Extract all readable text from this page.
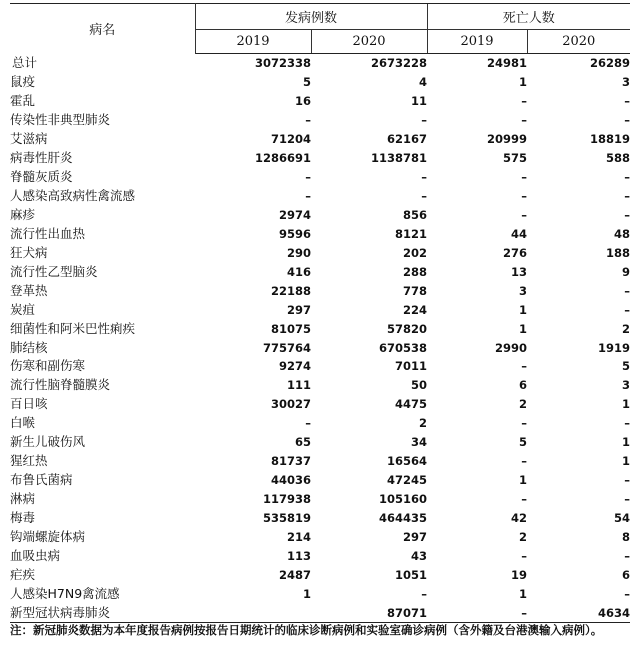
病名	发病例数		死亡人数	
	2019	2020	2019	2020
总计	3072338	2673228	24981	26289
鼠疫	5	4	1	3
霍乱	16	11	–	–
传染性非典型肺炎	–	–	–	–
艾滋病	71204	62167	20999	18819
病毒性肝炎	1286691	1138781	575	588
脊髓灰质炎	–	–	–	–
人感染高致病性禽流感	–	–	–	–
麻疹	2974	856	–	–
流行性出血热	9596	8121	44	48
狂犬病	290	202	276	188
流行性乙型脑炎	416	288	13	9
登革热	22188	778	3	–
炭疽	297	224	1	–
细菌性和阿米巴性痢疾	81075	57820	1	2
肺结核	775764	670538	2990	1919
伤寒和副伤寒	9274	7011	–	5
流行性脑脊髓膜炎	111	50	6	3
百日咳	30027	4475	2	1
白喉	–	2	–	–
新生儿破伤风	65	34	5	1
猩红热	81737	16564	–	1
布鲁氏菌病	44036	47245	1	–
淋病	117938	105160	–	–
梅毒	535819	464435	42	54
钩端螺旋体病	214	297	2	8
血吸虫病	113	43	–	–
疟疾	2487	1051	19	6
人感染H7N9禽流感	1	–	1	–
新型冠状病毒肺炎		87071	–	4634
注：新冠肺炎数据为本年度报告病例按报告日期统计的临床诊断病例和实验室确诊病例（含外籍及台港澳输入病例）。
